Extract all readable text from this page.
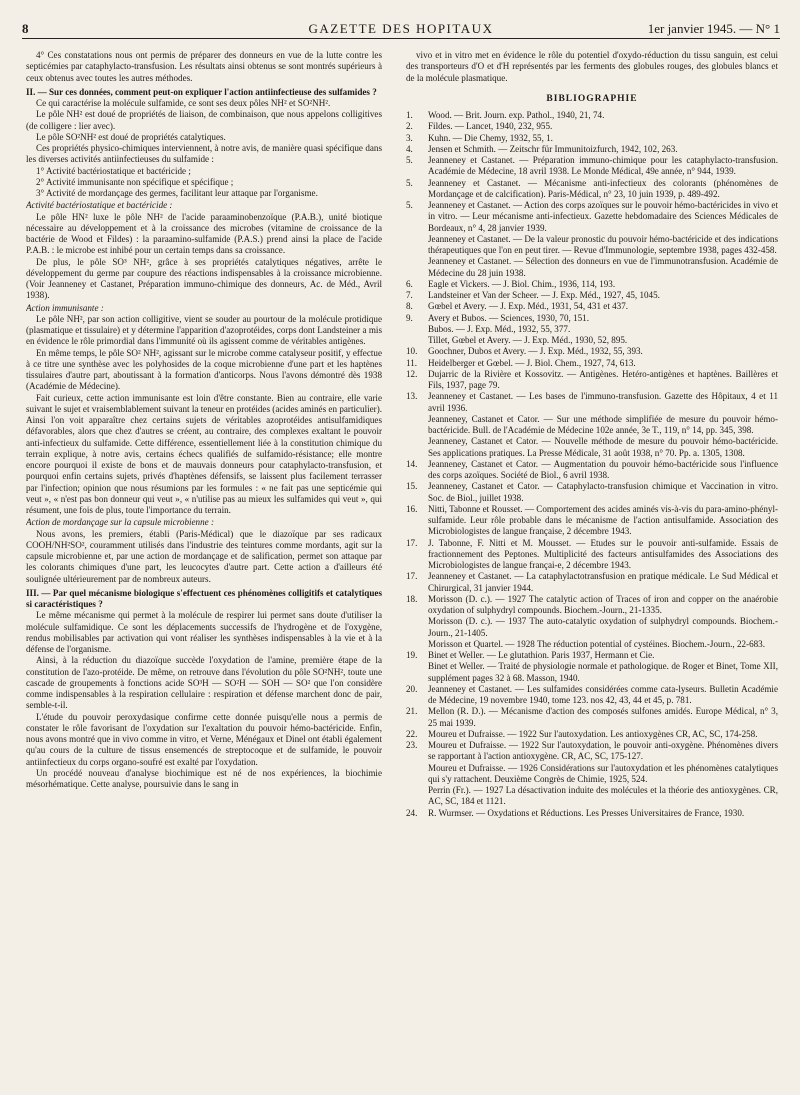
8	GAZETTE DES HOPITAUX	1er janvier 1945. — N° 1

4° Ces constatations nous ont permis de préparer des donneurs en vue de la lutte contre les septicémies par cataphylacto-transfusion. Les résultats ainsi obtenus se sont montrés supérieurs à ceux obtenus avec toutes les autres méthodes.

II. — Sur ces données, comment peut-on expliquer l'action antiinfectieuse des sulfamides ?

Ce qui caractérise la molécule sulfamide, ce sont ses deux pôles NH² et SO²NH².

Le pôle NH² est doué de propriétés de liaison, de combinaison, que nous appelons colligitives (de colligere : lier avec).

Le pôle SO²NH² est doué de propriétés catalytiques.

Ces propriétés physico-chimiques interviennent, à notre avis, de manière quasi spécifique dans les diverses activités antiinfectieuses du sulfamide :

1° Activité bactériostatique et bactéricide ;

2° Activité immunisante non spécifique et spécifique ;

3° Activité de mordançage des germes, facilitant leur attaque par l'organisme.

Activité bactériostatique et bactéricide :

Le pôle HN² luxe le pôle NH² de l'acide paraaminobenzoïque (P.A.B.), unité biotique nécessaire au développement et à la croissance des microbes (vitamine de croissance de la bactérie de Wood et Fildes) : la paraamino-sulfamide (P.A.S.) prend ainsi la place de l'acide P.A.B. : le microbe est inhibé pour un certain temps dans sa croissance.

De plus, le pôle SO³ NH², grâce à ses propriétés catalytiques négatives, arrête le développement du germe par coupure des réactions indispensables à la croissance microbienne. (Voir Jeanneney et Castanet, Préparation immuno-chimique des donneurs, Ac. de Méd., Avril 1938).

Action immunisante :

Le pôle NH², par son action colligitive, vient se souder au pourtour de la molécule protidique (plasmatique et tissulaire) et y détermine l'apparition d'azoprotéides, corps dont Landsteiner a mis en évidence le rôle primordial dans l'immunité où ils agissent comme de véritables antigènes.

En même temps, le pôle SO² NH², agissant sur le microbe comme catalyseur positif, y effectue à ce titre une synthèse avec les polyhosides de la coque microbienne d'une part et les haptènes tissulaires d'autre part, aboutissant à la formation d'anticorps. Nous l'avons démontré dès 1938 (Académie de Médecine).

Fait curieux, cette action immunisante est loin d'être constante. Bien au contraire, elle varie suivant le sujet et vraisemblablement suivant la teneur en protéides (acides aminés en particulier). Ainsi l'on voit apparaître chez certains sujets de véritables azoprotéides antisulfamidiques défavorables, alors que chez d'autres se créent, au contraire, des complexes exaltant le pouvoir anti-infectieux du sulfamide. Cette différence, essentiellement liée à la constitution chimique du terrain explique, à notre avis, certains échecs qualifiés de sulfamido-résistance; elle montre encore pourquoi il existe de bons et de mauvais donneurs pour cataphylacto-transfusion, et pourquoi enfin certains sujets, privés d'haptènes défensifs, se laissent plus facilement terrasser par l'infection; opinion que nous résumions par les formules : « ne fait pas une septicémie qui veut », « n'est pas bon donneur qui veut », « n'utilise pas au mieux les sulfamides qui veut », qui résument, une fois de plus, toute l'importance du terrain.

Action de mordançage sur la capsule microbienne :

Nous avons, les premiers, établi (Paris-Médical) que le diazoïque par ses radicaux COOH/NH²SO², couramment utilisés dans l'industrie des teintures comme mordants, agit sur la capsule microbienne et, par une action de mordançage et de salification, permet son attaque par les colorants chimiques d'une part, les leucocytes d'autre part. Cette action a d'ailleurs été soulignée ultérieurement par de nombreux auteurs.

III. — Par quel mécanisme biologique s'effectuent ces phénomènes colligitifs et catalytiques si caractéristiques ?

Le même mécanisme qui permet à la molécule de respirer lui permet sans doute d'utiliser la molécule sulfamidique. Ce sont les déplacements successifs de l'hydrogène et de l'oxygène, rendus mobilisables par activation qui vont réaliser les synthèses indispensables à la vie et à la défense de l'organisme.

Ainsi, à la réduction du diazoïque succède l'oxydation de l'amine, première étape de la constitution de l'azo-protéide. De même, on retrouve dans l'évolution du pôle SO²NH², toute une cascade de groupements à fonctions acide SO³H — SO²H — SOH — SO² que l'on considère comme indispensables à la respiration cellulaire : respiration et défense marchent donc de pair, semble-t-il.

L'étude du pouvoir peroxydasique confirme cette donnée puisqu'elle nous a permis de constater le rôle favorisant de l'oxydation sur l'exaltation du pouvoir hémo-bactéricide. Enfin, nous avons montré que in vivo comme in vitro, et Verne, Ménégaux et Dinel ont établi également qu'au cours de la culture de tissus ensemencés de streptocoque et de sulfamide, le pouvoir antiinfectieux du corps organo-soufré est exalté par l'oxydation.

Un procédé nouveau d'analyse biochimique est né de nos expériences, la biochimie mésorhématique. Cette analyse, poursuivie dans le sang in

vivo et in vitro met en évidence le rôle du potentiel d'oxydo-réduction du tissu sanguin, est celui des transporteurs d'O et d'H représentés par les ferments des globules rouges, des globules blancs et de la molécule plasmatique.

BIBLIOGRAPHIE
1. Wood. — Brit. Journ. exp. Pathol., 1940, 21, 74.
2. Fildes. — Lancet, 1940, 232, 955.
3. Kuhn. — Die Chemy, 1932, 55, 1.
4. Jensen et Schmith. — Zeitschr für Immunitoizfurch, 1942, 102, 263.
5. Jeanneney et Castanet. — Préparation immuno-chimique pour les cataphylacto-transfusion. Académie de Médecine, 18 avril 1938. Le Monde Médical, 49e année, n° 944, 1939.
5. Jeanneney et Castanet. — Mécanisme anti-infectieux des colorants (phénomènes de Mordançage et de calcification). Paris-Médical, n° 23, 10 juin 1939, p. 489-492.
5. Jeanneney et Castanet. — Action des corps azoïques sur le pouvoir hémo-bactéricides in vivo et in vitro. — Leur mécanisme anti-infectieux. Gazette hebdomadaire des Sciences Médicales de Bordeaux, n° 4, 28 janvier 1939.
Jeanneney et Castanet. — De la valeur pronostic du pouvoir hémo-bactéricide et des indications thérapeutiques que l'on en peut tirer. — Revue d'Immunologie, septembre 1938, pages 432-458.
Jeanneney et Castanet. — Sélection des donneurs en vue de l'immunotransfusion. Académie de Médecine du 28 juin 1938.
6. Eagle et Vickers. — J. Biol. Chim., 1936, 114, 193.
7. Landsteiner et Van der Scheer. — J. Exp. Méd., 1927, 45, 1045.
8. Gœbel et Avery. — J. Exp. Méd., 1931, 54, 431 et 437.
9. Avery et Bubos. — Sciences, 1930, 70, 151.
Bubos. — J. Exp. Méd., 1932, 55, 377.
Tillet, Gœbel et Avery. — J. Exp. Méd., 1930, 52, 895.
10. Goochner, Dubos et Avery. — J. Exp. Méd., 1932, 55, 393.
11. Heidelberger et Gœbel. — J. Biol. Chem., 1927, 74, 613.
12. Dujarric de la Rivière et Kossovitz. — Antigènes. Hetéro-antigènes et haptènes. Baillères et Fils, 1937, page 79.
13. Jeanneney et Castanet. — Les bases de l'immuno-transfusion. Gazette des Hôpitaux, 4 et 11 avril 1936.
Jeanneney, Castanet et Cator. — Sur une méthode simplifiée de mesure du pouvoir hémo-bactéricide. Bull. de l'Académie de Médecine 102e année, 3e T., 119, n° 14, pp. 345, 398.
Jeanneney, Castanet et Cator. — Nouvelle méthode de mesure du pouvoir hémo-bactéricide. Ses applications pratiques. La Presse Médicale, 31 août 1938, n° 70. Pp. a. 1305, 1308.
14. Jeanneney, Castanet et Cator. — Augmentation du pouvoir hémo-bactéricide sous l'influence des corps azoïques. Société de Biol., 6 avril 1938.
15. Jeanneney, Castanet et Cator. — Cataphylacto-transfusion chimique et Vaccination in vitro. Soc. de Biol., juillet 1938.
16. Nitti, Tabonne et Rousset. — Comportement des acides aminés vis-à-vis du para-amino-phényl-sulfamide. Leur rôle probable dans le mécanisme de l'action antisulfamide. Association des Microbiologistes de langue française, 2 décembre 1943.
17. J. Tabonne, F. Nitti et M. Mousset. — Etudes sur le pouvoir anti-sulfamide. Essais de fractionnement des Peptones. Multiplicité des facteurs antisulfamides des Associations des Microbiologistes de langue françai-e, 2 décembre 1943.
17. Jeanneney et Castanet. — La cataphylactotransfusion en pratique médicale. Le Sud Médical et Chirurgical, 31 janvier 1944.
18. Morisson (D. c.). — 1927 The catalytic action of Traces of iron and copper on the anaérobie oxydation of sulphydryl compounds. Biochem.-Journ., 21-1335.
Morisson (D. c.). — 1937 The auto-catalytic oxydation of sulphydryl compounds. Biochem.-Journ., 21-1405.
Morisson et Quartel. — 1928 The réduction potential of cystéines. Biochem.-Journ., 22-683.
19. Binet et Weller. — Le glutathion. Paris 1937, Hermann et Cie.
Binet et Weller. — Traité de physiologie normale et pathologique. de Roger et Binet, Tome XII, supplément pages 32 à 68. Masson, 1940.
20. Jeanneney et Castanet. — Les sulfamides considérées comme cata-lyseurs. Bulletin Académie de Médecine, 19 novembre 1940, tome 123. nos 42, 43, 44 et 45, p. 781.
21. Mellon (R. D.). — Mécanisme d'action des composés sulfones amidés. Europe Médical, n° 3, 25 mai 1939.
22. Moureu et Dufraisse. — 1922 Sur l'autoxydation. Les antioxygènes CR, AC, SC, 174-258.
23. Moureu et Dufraisse. — 1922 Sur l'autoxydation, le pouvoir anti-oxygène. Phénomènes divers se rapportant à l'action antioxygène. CR, AC, SC, 175-127.
Moureu et Dufraisse. — 1926 Considérations sur l'autoxydation et les phénomènes catalytiques qui s'y rattachent. Deuxième Congrès de Chimie, 1925, 524.
Perrin (Fr.). — 1927 La désactivation induite des molécules et la théorie des antioxygènes. CR, AC, SC, 184 et 1121.
24. R. Wurmser. — Oxydations et Réductions. Les Presses Universitaires de France, 1930.
